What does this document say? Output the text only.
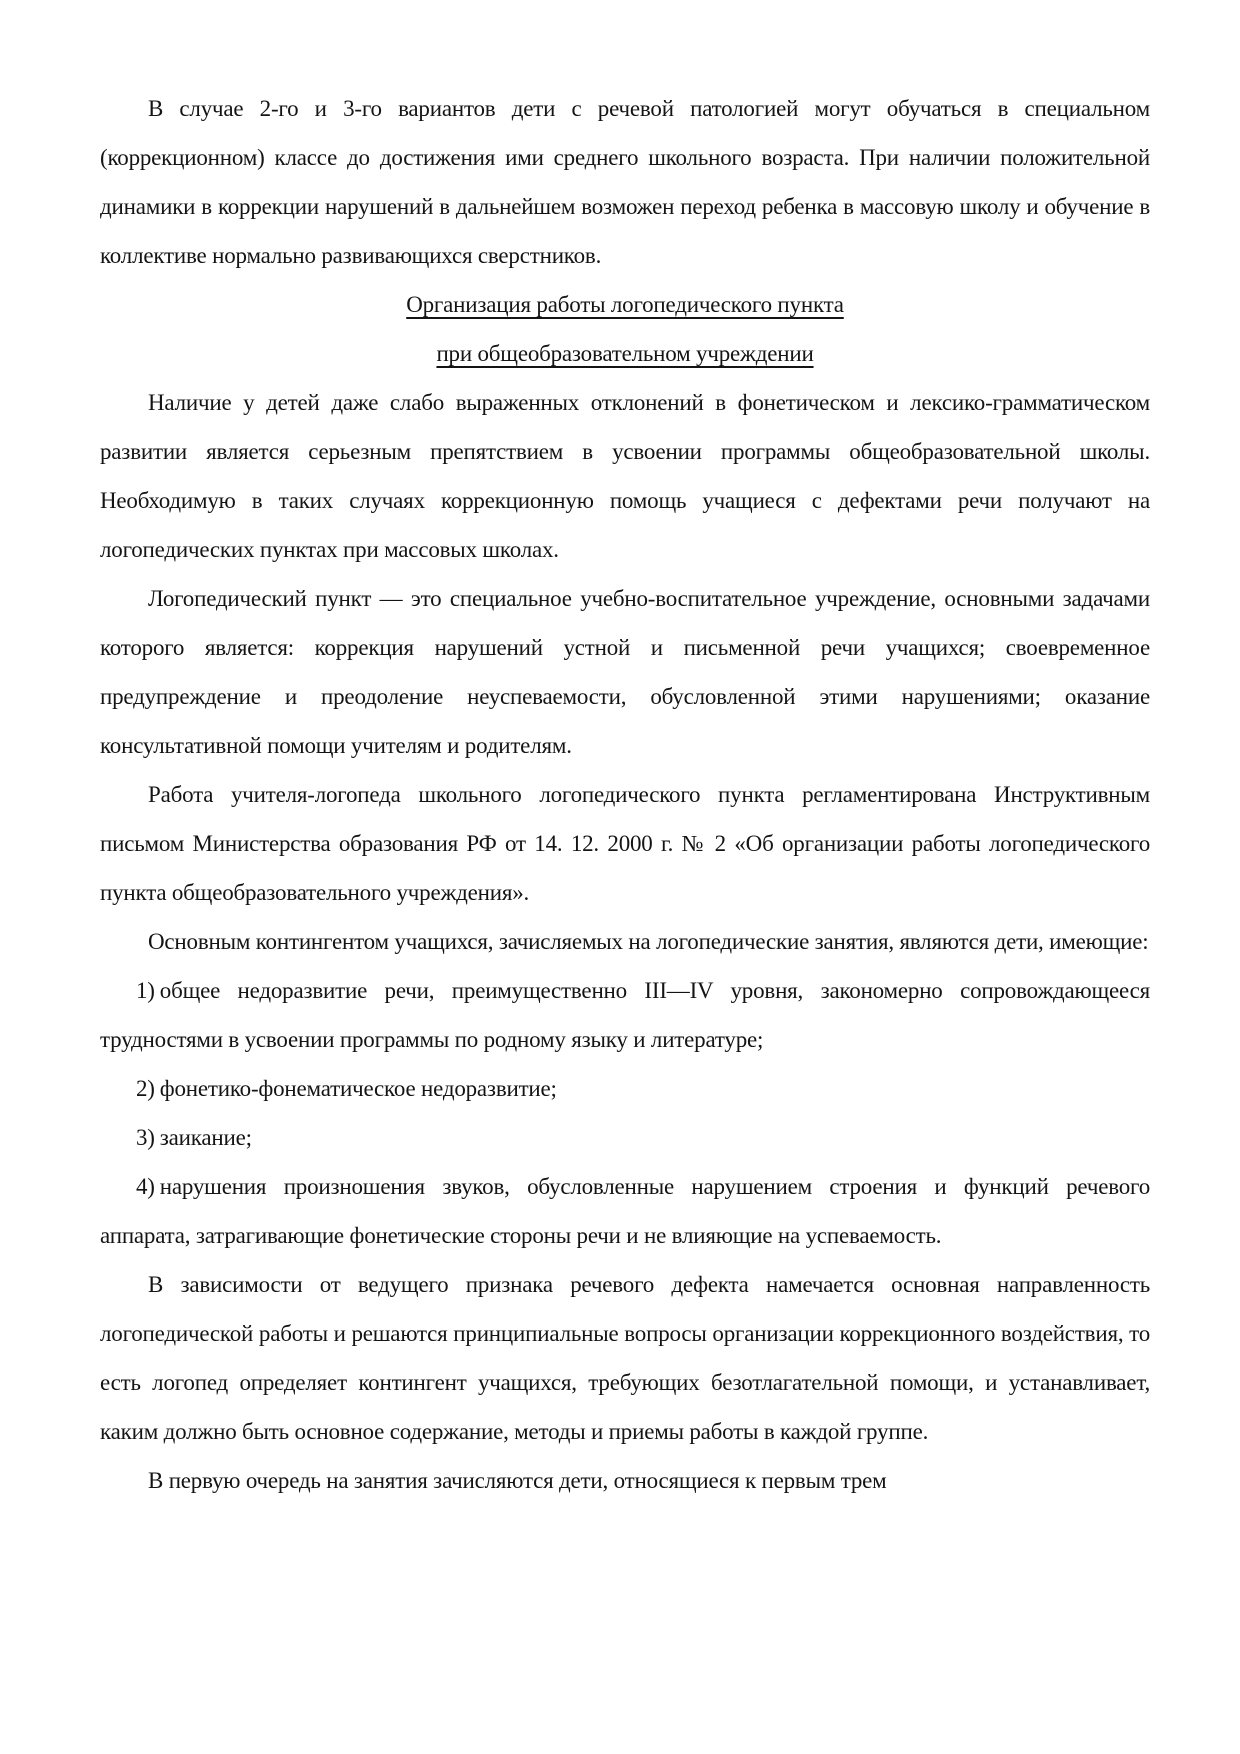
В случае 2-го и 3-го вариантов дети с речевой патологией могут обучаться в специальном (коррекционном) классе до достижения ими среднего школьного возраста. При наличии положительной динамики в коррекции нарушений в дальнейшем возможен переход ребенка в массовую школу и обучение в коллективе нормально развивающихся сверстников.

Организация работы логопедического пункта
при общеобразовательном учреждении

Наличие у детей даже слабо выраженных отклонений в фонетическом и лексико-грамматическом развитии является серьезным препятствием в усвоении программы общеобразовательной школы. Необходимую в таких случаях коррекционную помощь учащиеся с дефектами речи получают на логопедических пунктах при массовых школах.

Логопедический пункт — это специальное учебно-воспитательное учреждение, основными задачами которого является: коррекция нарушений устной и письменной речи учащихся; своевременное предупреждение и преодоление неуспеваемости, обусловленной этими нарушениями; оказание консультативной помощи учителям и родителям.

Работа учителя-логопеда школьного логопедического пункта регламентирована Инструктивным письмом Министерства образования РФ от 14. 12. 2000 г. № 2 «Об организации работы логопедического пункта общеобразовательного учреждения».

Основным контингентом учащихся, зачисляемых на логопедические занятия, являются дети, имеющие:

1) общее недоразвитие речи, преимущественно III—IV уровня, закономерно сопровождающееся трудностями в усвоении программы по родному языку и литературе;

2) фонетико-фонематическое недоразвитие;

3) заикание;

4) нарушения произношения звуков, обусловленные нарушением строения и функций речевого аппарата, затрагивающие фонетические стороны речи и не влияющие на успеваемость.

В зависимости от ведущего признака речевого дефекта намечается основная направленность логопедической работы и решаются принципиальные вопросы организации коррекционного воздействия, то есть логопед определяет контингент учащихся, требующих безотлагательной помощи, и устанавливает, каким должно быть основное содержание, методы и приемы работы в каждой группе.

В первую очередь на занятия зачисляются дети, относящиеся к первым трем
